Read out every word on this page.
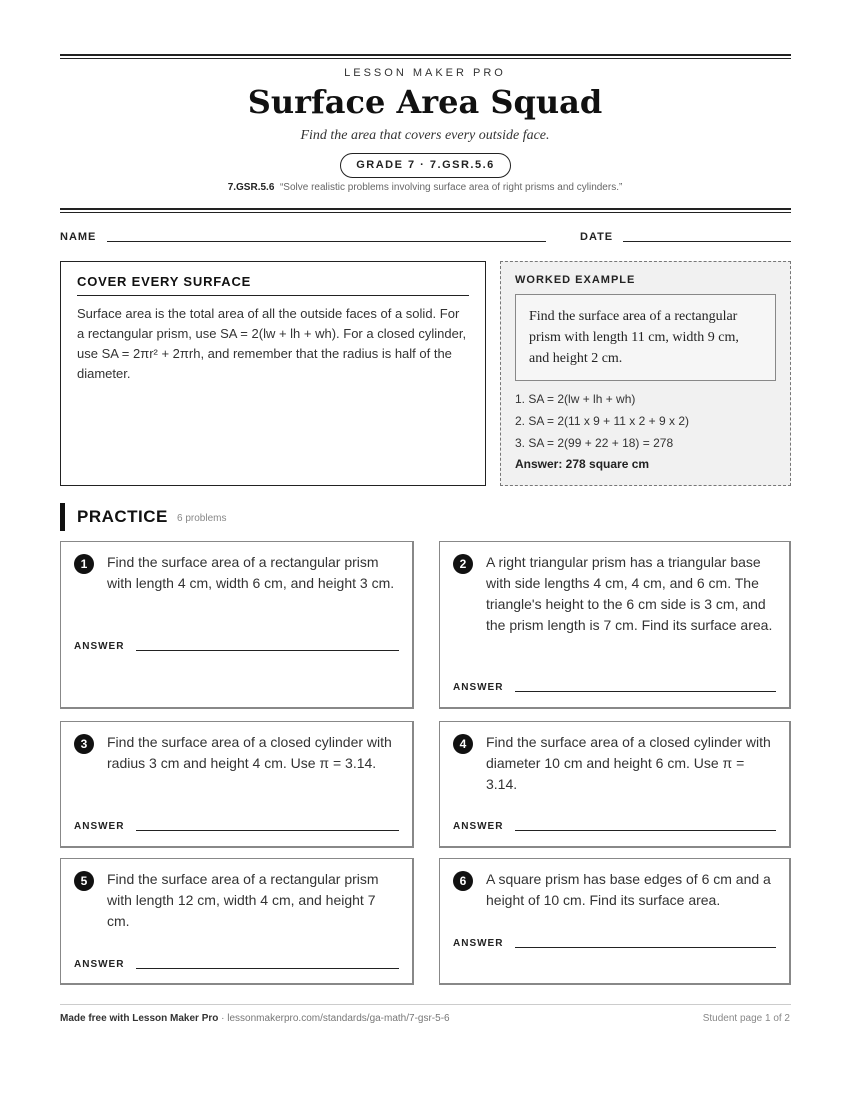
LESSON MAKER PRO
Surface Area Squad
Find the area that covers every outside face.
GRADE 7 · 7.GSR.5.6
7.GSR.5.6 “Solve realistic problems involving surface area of right prisms and cylinders.”
NAME	DATE
COVER EVERY SURFACE
Surface area is the total area of all the outside faces of a solid. For a rectangular prism, use SA = 2(lw + lh + wh). For a closed cylinder, use SA = 2πr² + 2πrh, and remember that the radius is half of the diameter.
WORKED EXAMPLE
Find the surface area of a rectangular prism with length 11 cm, width 9 cm, and height 2 cm.
1. SA = 2(lw + lh + wh)
2. SA = 2(11 x 9 + 11 x 2 + 9 x 2)
3. SA = 2(99 + 22 + 18) = 278
Answer: 278 square cm
PRACTICE 6 problems
1	Find the surface area of a rectangular prism with length 4 cm, width 6 cm, and height 3 cm.
ANSWER
2	A right triangular prism has a triangular base with side lengths 4 cm, 4 cm, and 6 cm. The triangle's height to the 6 cm side is 3 cm, and the prism length is 7 cm. Find its surface area.
ANSWER
3	Find the surface area of a closed cylinder with radius 3 cm and height 4 cm. Use π = 3.14.
ANSWER
4	Find the surface area of a closed cylinder with diameter 10 cm and height 6 cm. Use π = 3.14.
ANSWER
5	Find the surface area of a rectangular prism with length 12 cm, width 4 cm, and height 7 cm.
ANSWER
6	A square prism has base edges of 6 cm and a height of 10 cm. Find its surface area.
ANSWER
Made free with Lesson Maker Pro · lessonmakerpro.com/standards/ga-math/7-gsr-5-6	Student page 1 of 2
